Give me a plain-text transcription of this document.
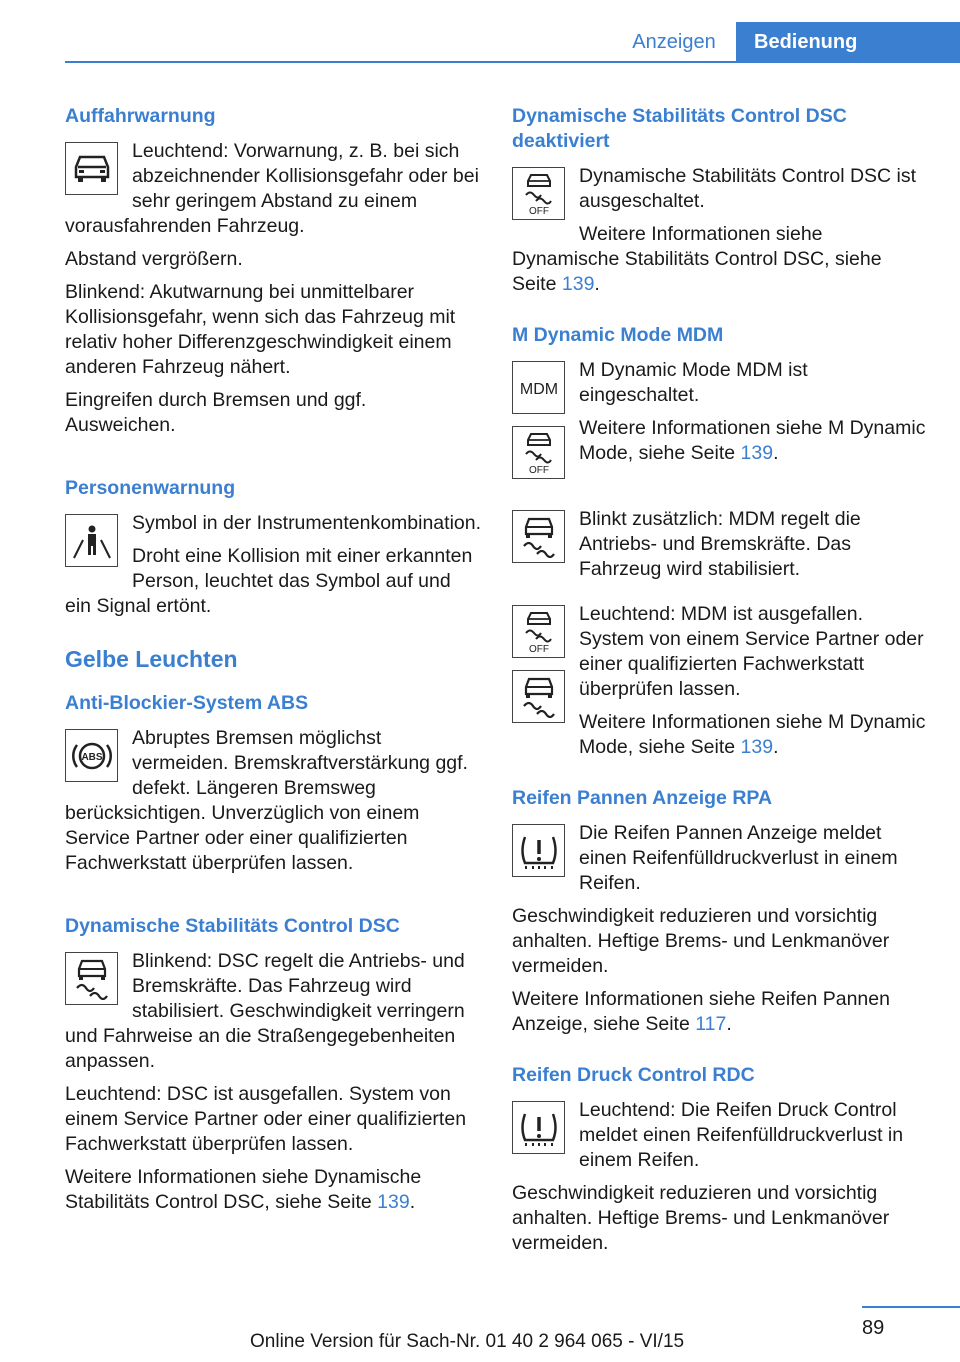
Anzeigen	Bedienung
Auffahrwarnung

Leuchtend: Vorwarnung, z. B. bei sich abzeichnender Kollisionsgefahr oder bei sehr geringem Abstand zu einem vorausfahrenden Fahrzeug.

Abstand vergrößern.

Blinkend: Akutwarnung bei unmittelbarer Kollisionsgefahr, wenn sich das Fahrzeug mit relativ hoher Differenzgeschwindigkeit einem anderen Fahrzeug nähert.

Eingreifen durch Bremsen und ggf. Ausweichen.

Personenwarnung

Symbol in der Instrumentenkombination.

Droht eine Kollision mit einer erkannten Person, leuchtet das Symbol auf und ein Signal ertönt.

Gelbe Leuchten
Anti-Blockier-System ABS
ABS

Abruptes Bremsen möglichst vermeiden. Bremskraftverstärkung ggf. defekt. Längeren Bremsweg berücksichtigen. Unverzüglich von einem Service Partner oder einer qualifizierten Fachwerkstatt überprüfen lassen.

Dynamische Stabilitäts Control DSC

Blinkend: DSC regelt die Antriebs- und Bremskräfte. Das Fahrzeug wird stabilisiert. Geschwindigkeit verringern und Fahrweise an die Straßengegebenheiten anpassen.

Leuchtend: DSC ist ausgefallen. System von einem Service Partner oder einer qualifizierten Fachwerkstatt überprüfen lassen.

Weitere Informationen siehe Dynamische Stabilitäts Control DSC, siehe Seite 139.

Dynamische Stabilitäts Control DSC deaktiviert
OFF

Dynamische Stabilitäts Control DSC ist ausgeschaltet.

Weitere Informationen siehe Dynamische Stabilitäts Control DSC, siehe Seite 139.

M Dynamic Mode MDM
MDM
OFF

M Dynamic Mode MDM ist eingeschaltet.

Weitere Informationen siehe M Dynamic Mode, siehe Seite 139.

Blinkt zusätzlich: MDM regelt die Antriebs- und Bremskräfte. Das Fahrzeug wird stabilisiert.

OFF

Leuchtend: MDM ist ausgefallen. System von einem Service Partner oder einer qualifizierten Fachwerkstatt überprüfen lassen.

Weitere Informationen siehe M Dynamic Mode, siehe Seite 139.

Reifen Pannen Anzeige RPA

Die Reifen Pannen Anzeige meldet einen Reifenfülldruckverlust in einem Reifen.

Geschwindigkeit reduzieren und vorsichtig anhalten. Heftige Brems- und Lenkmanöver vermeiden.

Weitere Informationen siehe Reifen Pannen Anzeige, siehe Seite 117.

Reifen Druck Control RDC

Leuchtend: Die Reifen Druck Control meldet einen Reifenfülldruckverlust in einem Reifen.

Geschwindigkeit reduzieren und vorsichtig anhalten. Heftige Brems- und Lenkmanöver vermeiden.

89
Online Version für Sach-Nr. 01 40 2 964 065 - VI/15
